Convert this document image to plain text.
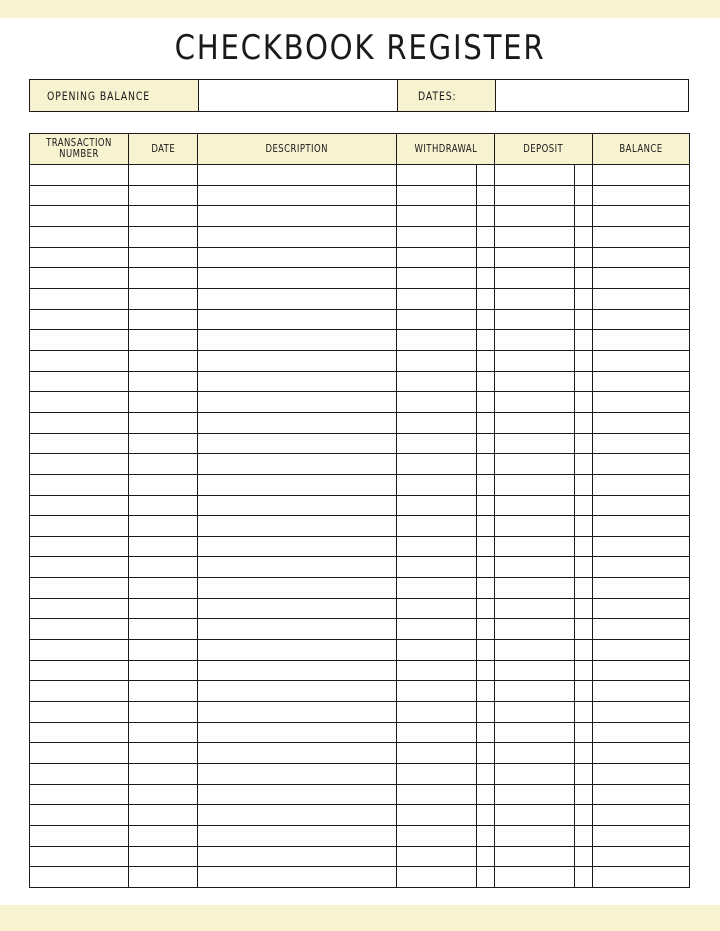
CHECKBOOK REGISTER
OPENING BALANCE	DATES:
TRANSACTION NUMBER	DATE	DESCRIPTION	WITHDRAWAL	DEPOSIT	BALANCE
